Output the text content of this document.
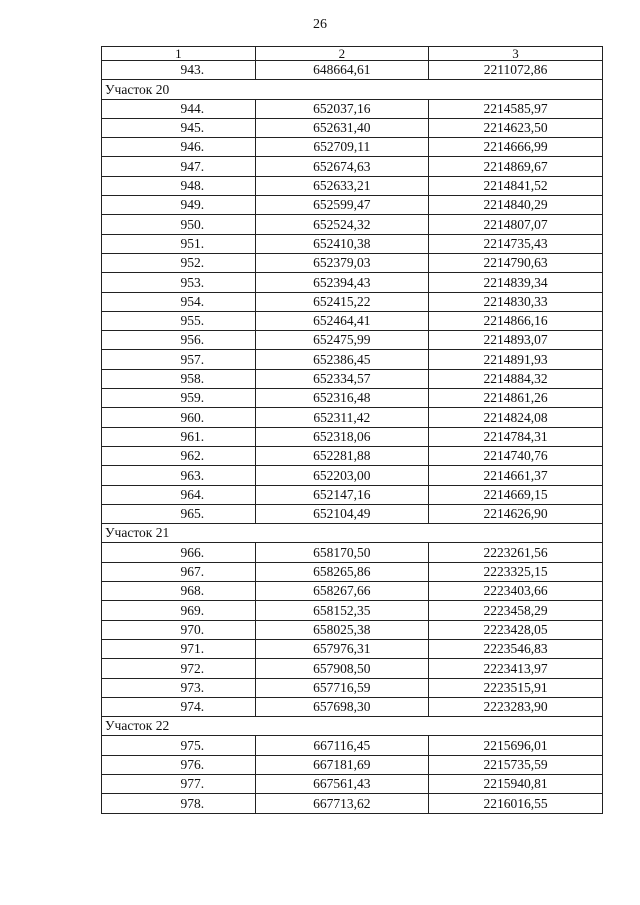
26
1	2	3
943.	648664,61	2211072,86
Участок 20		
944.	652037,16	2214585,97
945.	652631,40	2214623,50
946.	652709,11	2214666,99
947.	652674,63	2214869,67
948.	652633,21	2214841,52
949.	652599,47	2214840,29
950.	652524,32	2214807,07
951.	652410,38	2214735,43
952.	652379,03	2214790,63
953.	652394,43	2214839,34
954.	652415,22	2214830,33
955.	652464,41	2214866,16
956.	652475,99	2214893,07
957.	652386,45	2214891,93
958.	652334,57	2214884,32
959.	652316,48	2214861,26
960.	652311,42	2214824,08
961.	652318,06	2214784,31
962.	652281,88	2214740,76
963.	652203,00	2214661,37
964.	652147,16	2214669,15
965.	652104,49	2214626,90
Участок 21		
966.	658170,50	2223261,56
967.	658265,86	2223325,15
968.	658267,66	2223403,66
969.	658152,35	2223458,29
970.	658025,38	2223428,05
971.	657976,31	2223546,83
972.	657908,50	2223413,97
973.	657716,59	2223515,91
974.	657698,30	2223283,90
Участок 22		
975.	667116,45	2215696,01
976.	667181,69	2215735,59
977.	667561,43	2215940,81
978.	667713,62	2216016,55
